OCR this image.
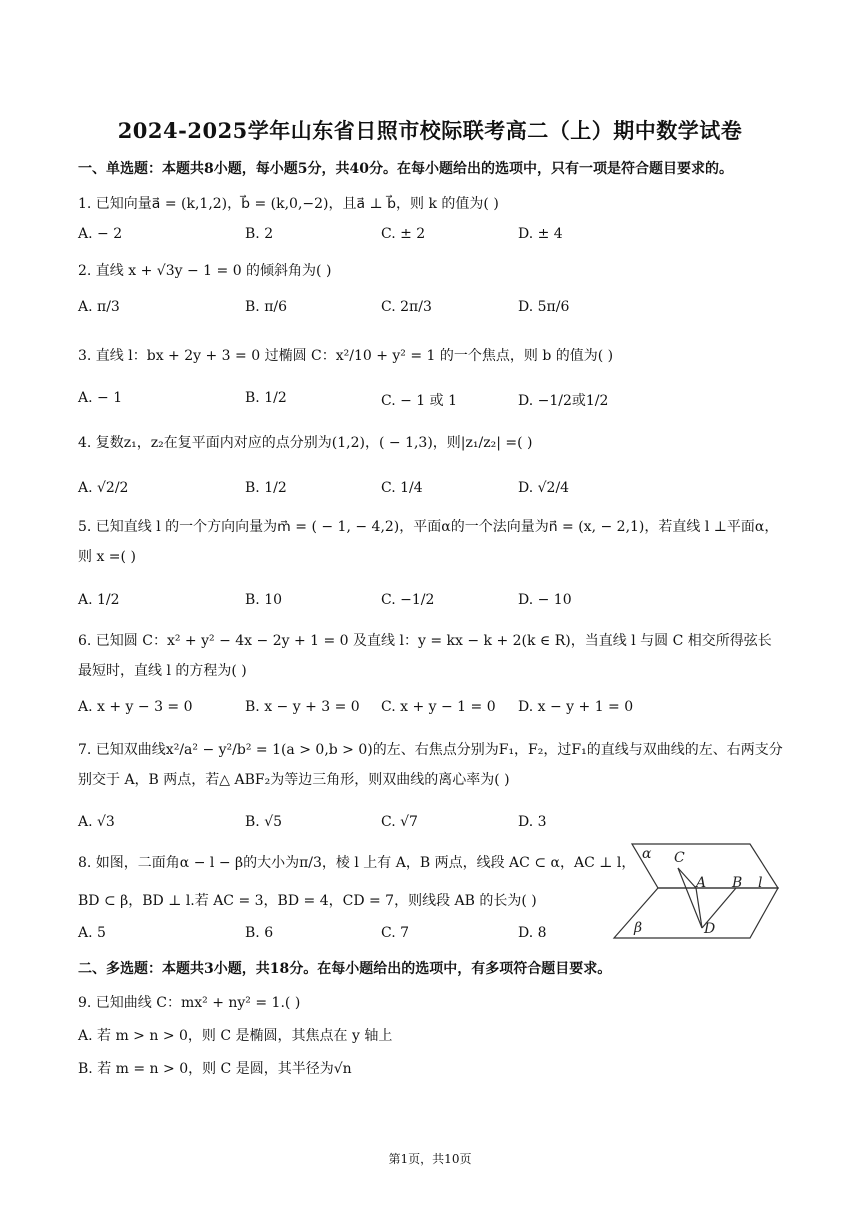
2024-2025学年山东省日照市校际联考高二（上）期中数学试卷
一、单选题：本题共8小题，每小题5分，共40分。在每小题给出的选项中，只有一项是符合题目要求的。
1. 已知向量a⃗ = (k,1,2)，b⃗ = (k,0,−2)，且a⃗ ⊥ b⃗，则 k 的值为( )
A. − 2	B. 2	C. ± 2	D. ± 4
2. 直线 x + √3y − 1 = 0 的倾斜角为( )
A. π/3	B. π/6	C. 2π/3	D. 5π/6
3. 直线 l：bx + 2y + 3 = 0 过椭圆 C：x²/10 + y² = 1 的一个焦点，则 b 的值为( )
A. − 1	B. 1/2	C. − 1 或 1	D. −1/2或1/2
4. 复数z₁，z₂在复平面内对应的点分别为(1,2)，( − 1,3)，则|z₁/z₂| =( )
A. √2/2	B. 1/2	C. 1/4	D. √2/4
5. 已知直线 l 的一个方向向量为m⃗ = ( − 1, − 4,2)，平面α的一个法向量为n⃗ = (x, − 2,1)，若直线 l ⊥平面α，则 x =( )
A. 1/2	B. 10	C. −1/2	D. − 10
6. 已知圆 C：x² + y² − 4x − 2y + 1 = 0 及直线 l：y = kx − k + 2(k ∈ R)，当直线 l 与圆 C 相交所得弦长最短时，直线 l 的方程为( )
A. x + y − 3 = 0	B. x − y + 3 = 0 C. x + y − 1 = 0 D. x − y + 1 = 0
7. 已知双曲线x²/a² − y²/b² = 1(a > 0,b > 0)的左、右焦点分别为F₁，F₂，过F₁的直线与双曲线的左、右两支分别交于 A，B 两点，若△ ABF₂为等边三角形，则双曲线的离心率为( )
A. √3	B. √5	C. √7	D. 3
8. 如图，二面角α − l − β的大小为π/3，棱 l 上有 A，B 两点，线段 AC ⊂ α，AC ⊥ l，
BD ⊂ β，BD ⊥ l.若 AC = 3，BD = 4，CD = 7，则线段 AB 的长为( )
A. 5	B. 6	C. 7	D. 8
α C
A B l
β	D
二、多选题：本题共3小题，共18分。在每小题给出的选项中，有多项符合题目要求。
9. 已知曲线 C：mx² + ny² = 1.( )
A. 若 m > n > 0，则 C 是椭圆，其焦点在 y 轴上
B. 若 m = n > 0，则 C 是圆，其半径为√n
第1页，共10页
